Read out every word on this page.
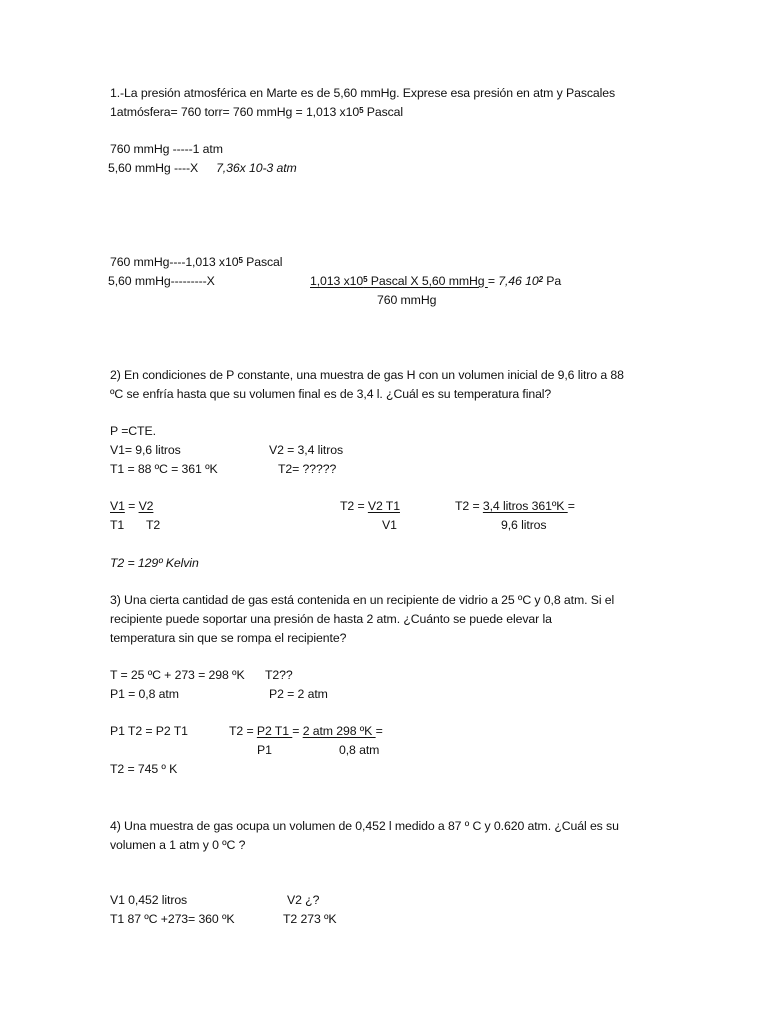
1.-La presión atmosférica en Marte es de 5,60 mmHg. Exprese esa presión en atm y Pascales
1atmósfera= 760 torr= 760 mmHg = 1,013 $x10^5$ Pascal
760 mmHg -----1 atm
5,60 mmHg ----X 7,36x 10-3 atm
760 mmHg----1,013 $x10^5$ Pascal
5,60 mmHg---------X	1,013 $x10^5$ Pascal X 5,60 mmHg = 7,46 $10^2$ Pa
760 mmHg
2) En condiciones de P constante, una muestra de gas H con un volumen inicial de 9,6 litro a 88
ºC se enfría hasta que su volumen final es de 3,4 l. ¿Cuál es su temperatura final?
P =CTE.
V1= 9,6 litros	V2 = 3,4 litros
T1 = 88 ºC = 361 ºK	T2= ?????
V1 = V2
T1 T2
T2 = V2 T1
V1
T2 = 3,4 litros 361ºK =
9,6 litros
T2 = 129º Kelvin
3) Una cierta cantidad de gas está contenida en un recipiente de vidrio a 25 ºC y 0,8 atm. Si el
recipiente puede soportar una presión de hasta 2 atm. ¿Cuánto se puede elevar la
temperatura sin que se rompa el recipiente?
T = 25 ºC + 273 = 298 ºK T2??
P1 = 0,8 atm	P2 = 2 atm
P1 T2 = P2 T1	T2 = P2 T1 = 2 atm 298 ºK =
P1	0,8 atm
T2 = 745 º K
4) Una muestra de gas ocupa un volumen de 0,452 l medido a 87 º C y 0.620 atm. ¿Cuál es su
volumen a 1 atm y 0 ºC ?
V1 0,452 litros	V2 ¿?
T1 87 ºC +273= 360 ºK	T2 273 ºK
